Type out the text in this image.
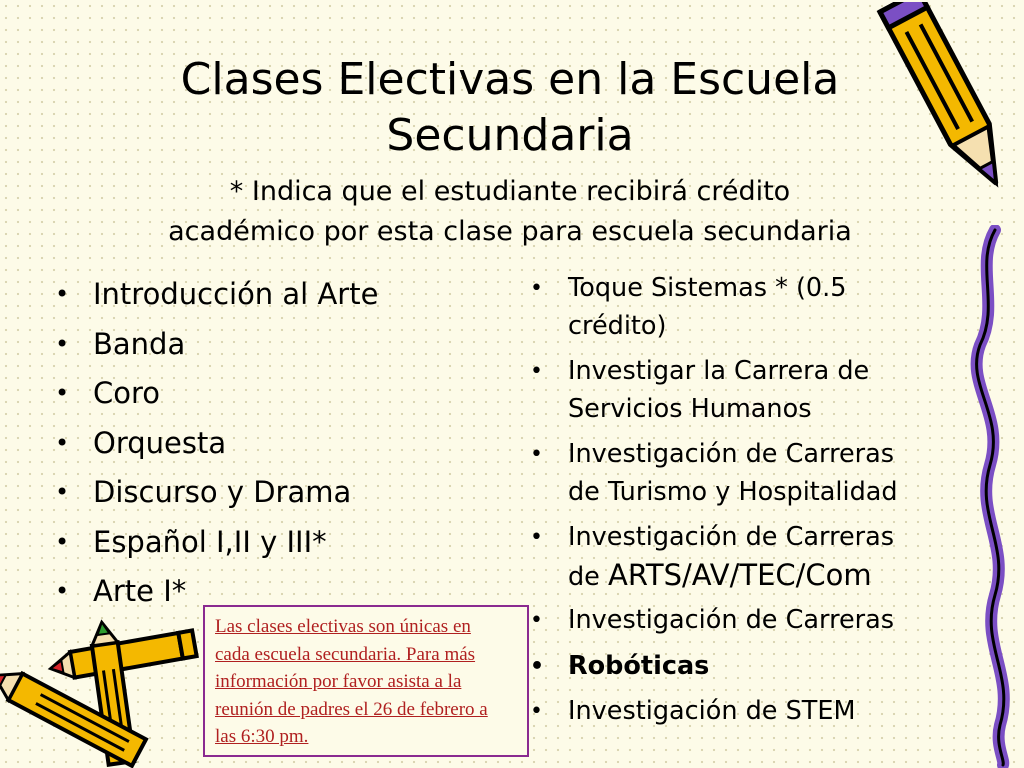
Clases Electivas en la Escuela
Secundaria
* Indica que el estudiante recibirá crédito
académico por esta clase para escuela secundaria
• Introducción al Arte
• Banda
• Coro
• Orquesta
• Discurso y Drama
• Español I,II y III*
• Arte I*
• Toque Sistemas * (0.5
crédito)
• Investigar la Carrera de
Servicios Humanos
• Investigación de Carreras
de Turismo y Hospitalidad
• Investigación de Carreras
de ARTS/AV/TEC/Com
• Investigación de Carreras
• Robóticas
• Investigación de STEM
Las clases electivas son únicas en
cada escuela secundaria. Para más
información por favor asista a la
reunión de padres el 26 de febrero a
las 6:30 pm.
